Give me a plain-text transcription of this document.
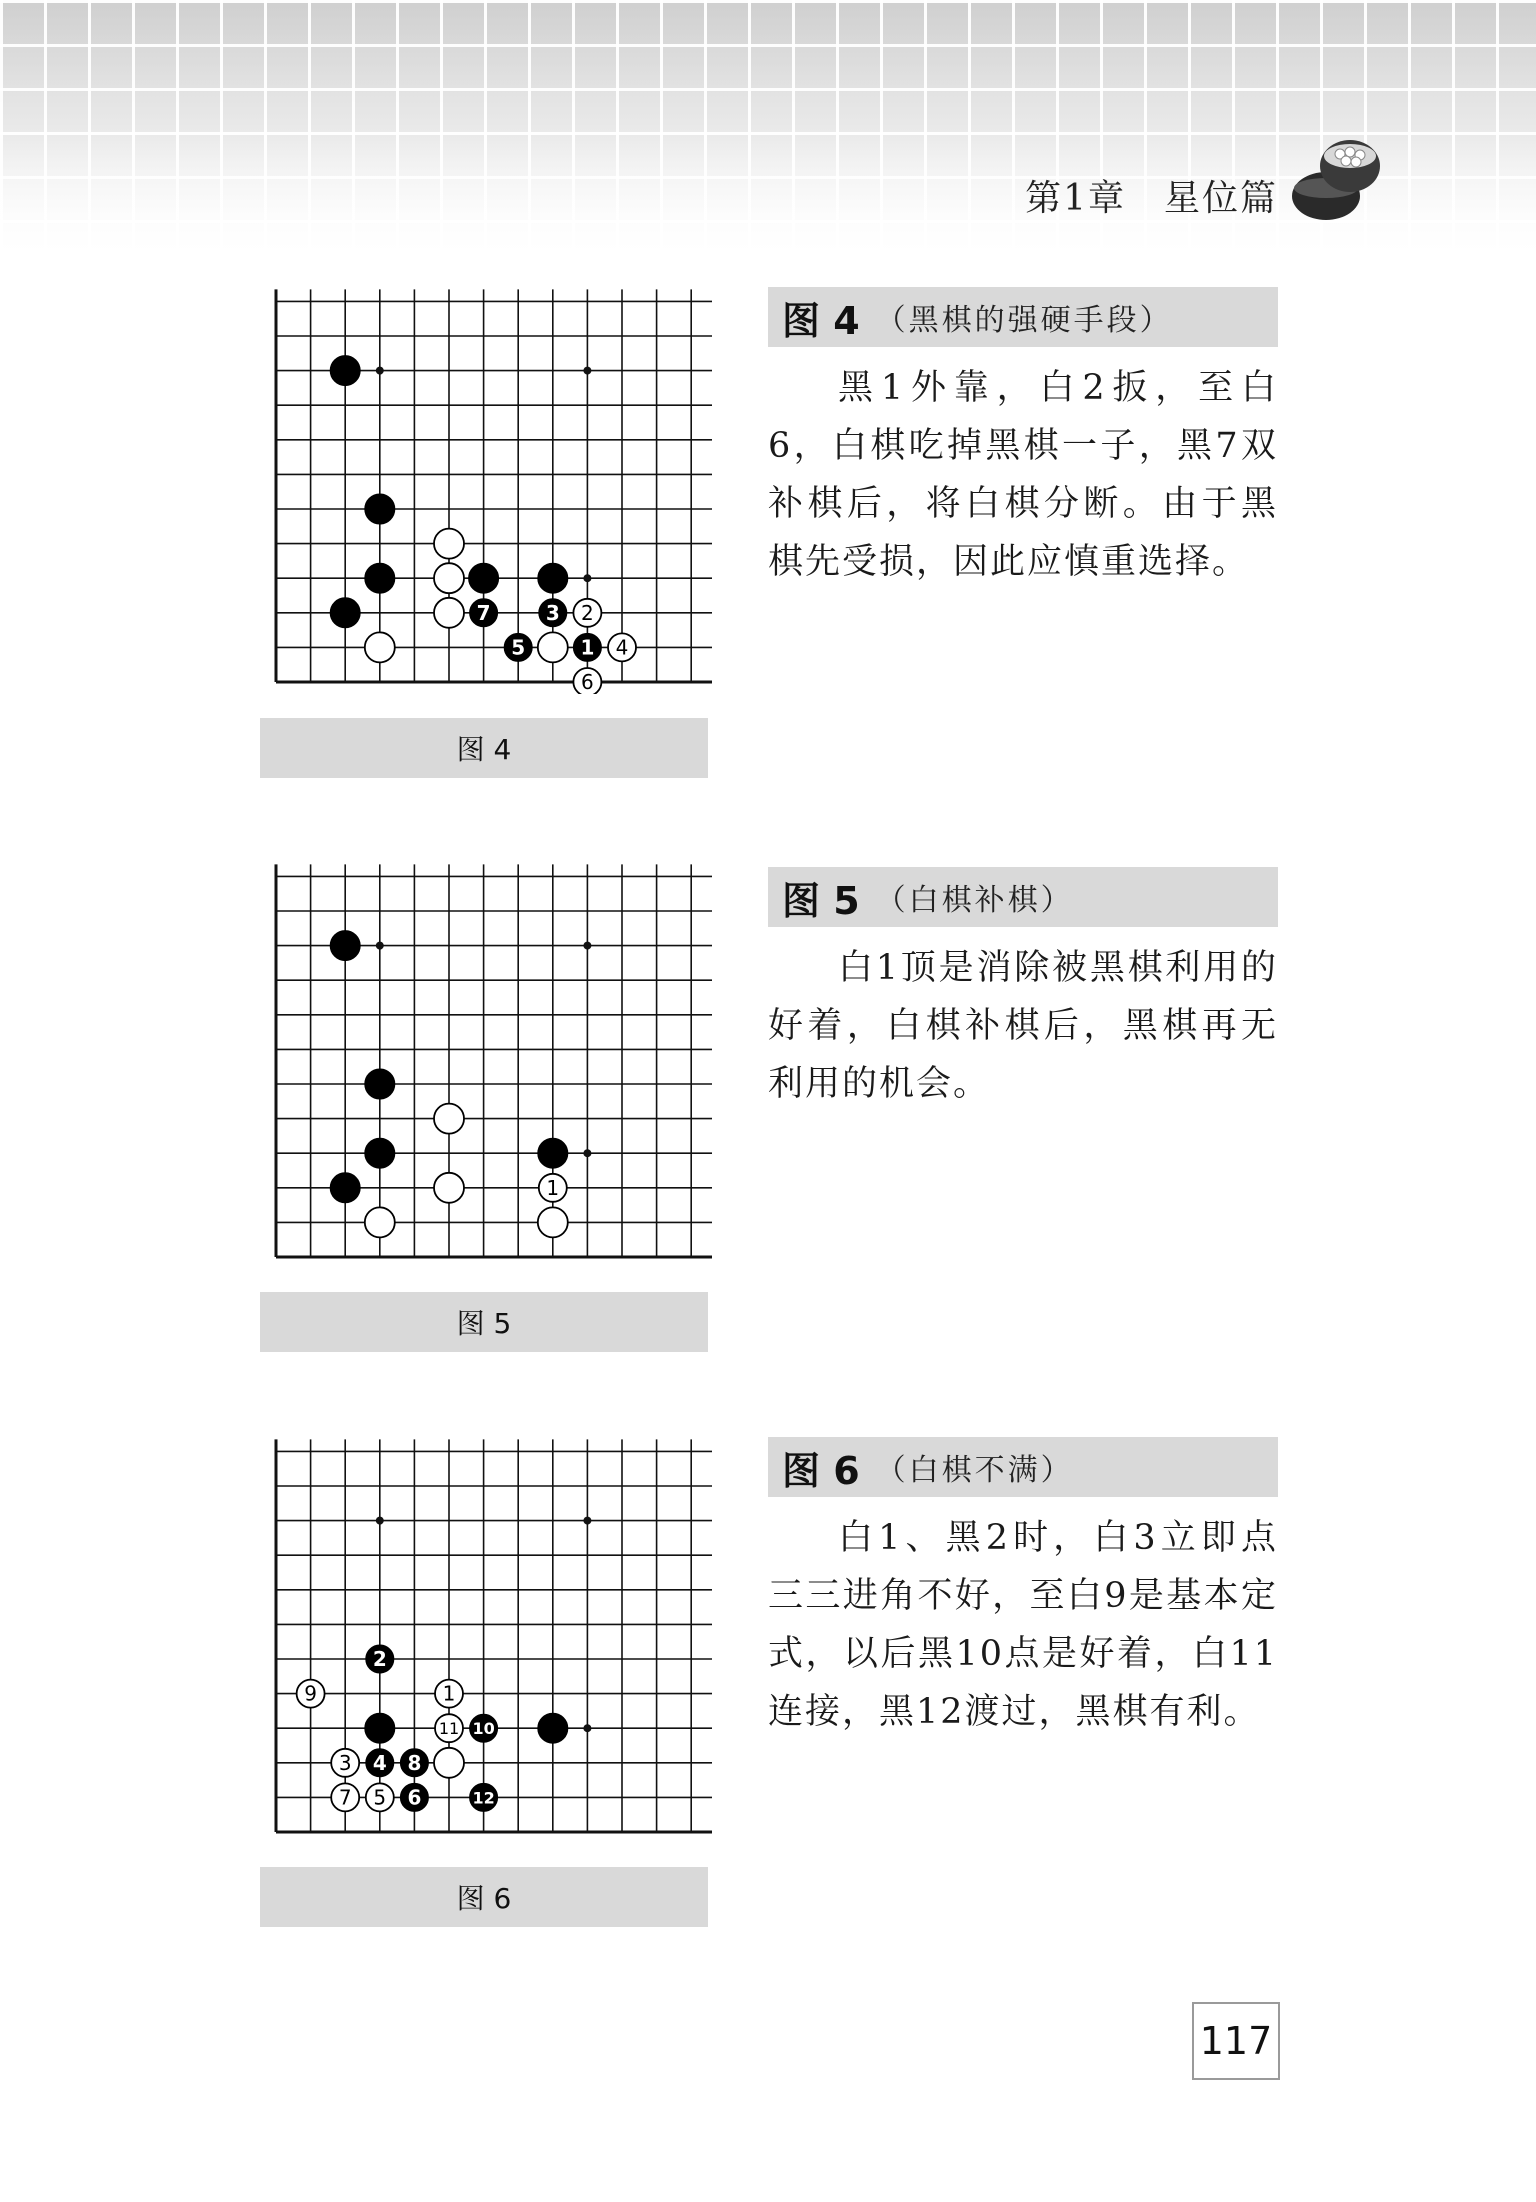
第1章 星位篇
7	3 2
5	1 4
6
图 4
图 4 （黑棋的强硬手段）
黑1外靠，白2扳，至白6，白棋吃掉黑棋一子，黑7双补棋后，将白棋分断。由于黑棋先受损，因此应慎重选择。
1
图 5
图 5 （白棋补棋）
白1顶是消除被黑棋利用的好着，白棋补棋后，黑棋再无利用的机会。
2
9	1
11 10
3 4 8
7 5 6	12
图 6
图 6 （白棋不满）
白1、黑2时，白3立即点三三进角不好，至白9是基本定式，以后黑10点是好着，白11连接，黑12渡过，黑棋有利。
117
